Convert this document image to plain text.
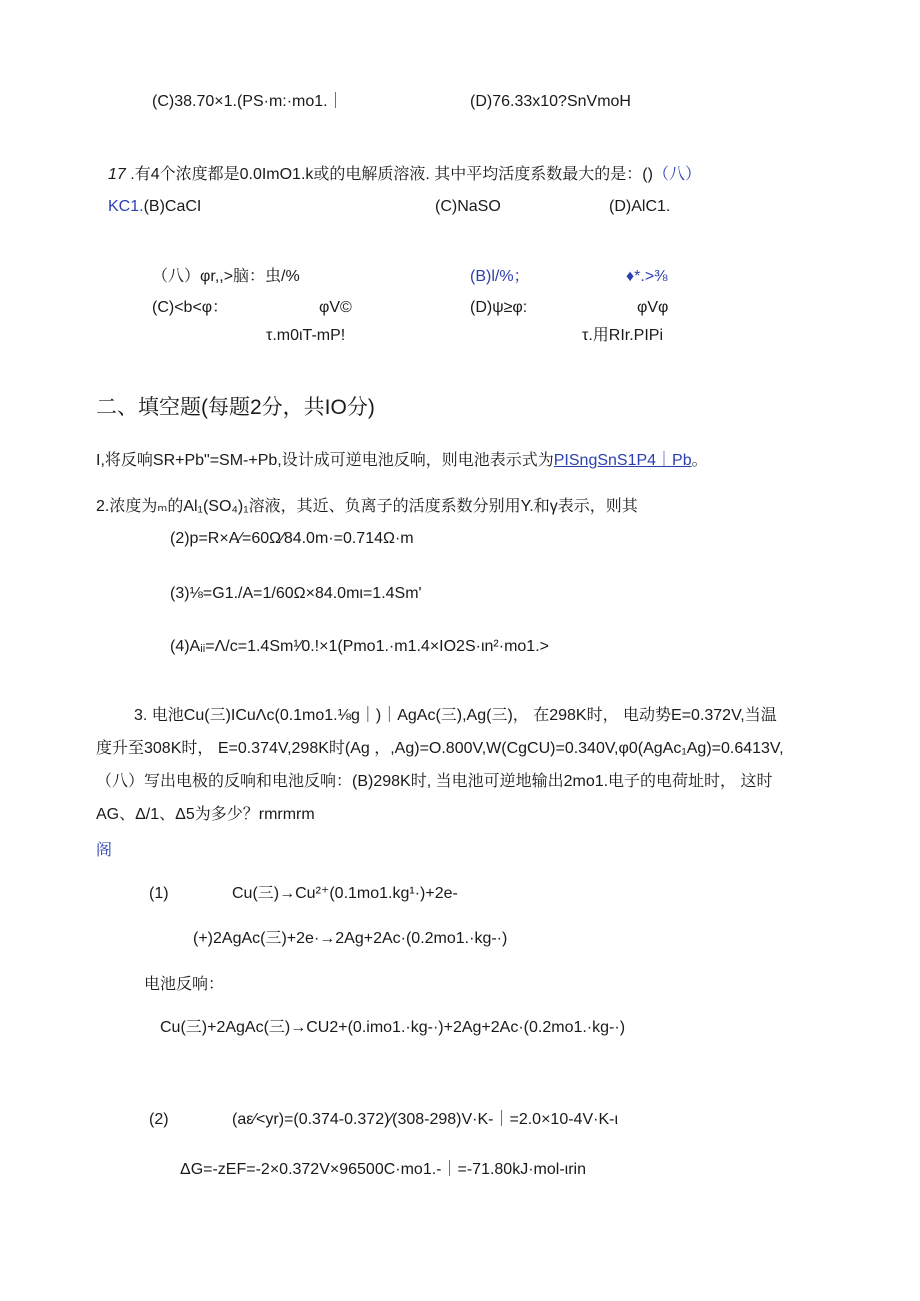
(C)38.70×1.(PS·m:·mo1.｜	(D)76.33x10?SnVmoH
17 .有4个浓度都是0.0ImO1.k或的电解质溶液. 其中平均活度系数最大的是：()（八）
KC1.(B)CaCI	(C)NaSO	(D)AlC1.
（八）φr,,>脑：虫/%	(B)l/%；	♦*.>⅜
(C)<b<φ：	φV©	(D)ψ≥φ:	φVφ
τ.m0ιT-mP!	τ.用RIr.PIPi
二、填空题(每题2分，共IO分)
I,将反响SR+Pb"=SM-+Pb,设计成可逆电池反响，则电池表示式为PISngSnS1P4｜Pb。
2.浓度为ₘ的Al₁(SO₄)₁溶液，其近、负离子的活度系数分别用Y.和γ表示，则其
(2)p=R×A⁄=60Ω⁄84.0m·=0.714Ω·m
(3)⅛=G1./A=1/60Ω×84.0mι=1.4Sm'
(4)Aᵢᵢ=Λ/c=1.4Sm¹⁄0.!×1(Pmo1.·m1.4×IO2S·ιn²·mo1.>
3. 电池Cu(三)ICuΛc(0.1mo1.⅛g｜)｜AgAc(三),Ag(三)， 在298K时， 电动势E=0.372V,当温
度升至308K时， E=0.374V,298K时(Ag ，,Ag)=O.800V,W(CgCU)=0.340V,φ0(AgAc₁Ag)=0.6413V,
（八）写出电极的反响和电池反响：(B)298K时, 当电池可逆地输出2mo1.电子的电荷址时， 这时
AG、Δ/1、Δ5为多少？rmrmrm
阁
(1)	Cu(三)→Cu²⁺(0.1mo1.kg¹·)+2e-
(+)2AgAc(三)+2e·→2Ag+2Ac·(0.2mo1.·kg-·)
电池反响：
Cu(三)+2AgAc(三)→CU2+(0.imo1.·kg-·)+2Ag+2Ac·(0.2mo1.·kg-·)
(2)	(aε⁄<yr)=(0.374-0.372)⁄(308-298)V·K-｜=2.0×10-4V·K-ι
ΔG=-zEF=-2×0.372V×96500C·mo1.-｜=-71.80kJ·mol-ιrin
